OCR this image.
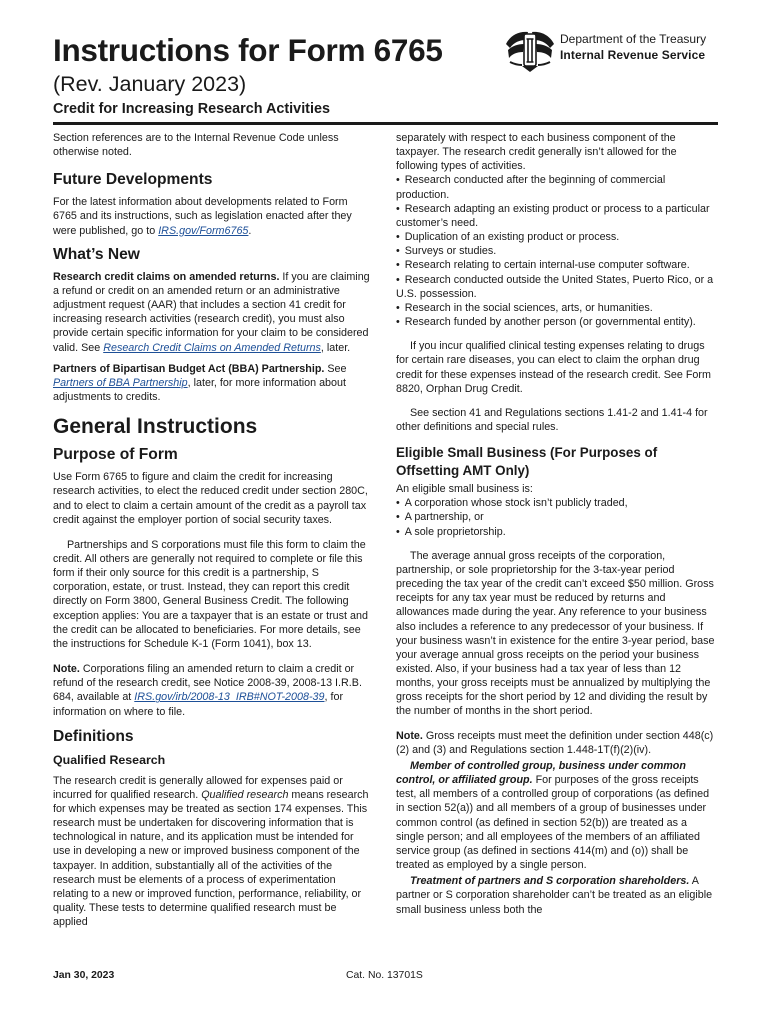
Instructions for Form 6765
(Rev. January 2023)
Credit for Increasing Research Activities
Department of the Treasury
Internal Revenue Service

Section references are to the Internal Revenue Code unless otherwise noted.

Future Developments

For the latest information about developments related to Form 6765 and its instructions, such as legislation enacted after they were published, go to IRS.gov/Form6765.

What’s New

Research credit claims on amended returns. If you are claiming a refund or credit on an amended return or an administrative adjustment request (AAR) that includes a section 41 credit for increasing research activities (research credit), you must also provide certain specific information for your claim to be considered valid. See Research Credit Claims on Amended Returns, later.

Partners of Bipartisan Budget Act (BBA) Partnership. See Partners of BBA Partnership, later, for more information about adjustments to credits.

General Instructions
Purpose of Form

Use Form 6765 to figure and claim the credit for increasing research activities, to elect the reduced credit under section 280C, and to elect to claim a certain amount of the credit as a payroll tax credit against the employer portion of social security taxes.

Partnerships and S corporations must file this form to claim the credit. All others are generally not required to complete or file this form if their only source for this credit is a partnership, S corporation, estate, or trust. Instead, they can report this credit directly on Form 3800, General Business Credit. The following exception applies: You are a taxpayer that is an estate or trust and the credit can be allocated to beneficiaries. For more details, see the instructions for Schedule K-1 (Form 1041), box 13.

Note. Corporations filing an amended return to claim a credit or refund of the research credit, see Notice 2008-39, 2008-13 I.R.B. 684, available at IRS.gov/irb/2008-13_IRB#NOT-2008-39, for information on where to file.

Definitions
Qualified Research

The research credit is generally allowed for expenses paid or incurred for qualified research. Qualified research means research for which expenses may be treated as section 174 expenses. This research must be undertaken for discovering information that is technological in nature, and its application must be intended for use in developing a new or improved business component of the taxpayer. In addition, substantially all of the activities of the research must be elements of a process of experimentation relating to a new or improved function, performance, reliability, or quality. These tests to determine qualified research must be applied

separately with respect to each business component of the taxpayer. The research credit generally isn’t allowed for the following types of activities.

• Research conducted after the beginning of commercial production.
• Research adapting an existing product or process to a particular customer’s need.
• Duplication of an existing product or process.
• Surveys or studies.
• Research relating to certain internal-use computer software.
• Research conducted outside the United States, Puerto Rico, or a U.S. possession.
• Research in the social sciences, arts, or humanities.
• Research funded by another person (or governmental entity).

If you incur qualified clinical testing expenses relating to drugs for certain rare diseases, you can elect to claim the orphan drug credit for these expenses instead of the research credit. See Form 8820, Orphan Drug Credit.

See section 41 and Regulations sections 1.41-2 and 1.41-4 for other definitions and special rules.

Eligible Small Business (For Purposes of Offsetting AMT Only)

An eligible small business is:

• A corporation whose stock isn’t publicly traded,
• A partnership, or
• A sole proprietorship.

The average annual gross receipts of the corporation, partnership, or sole proprietorship for the 3-tax-year period preceding the tax year of the credit can’t exceed $50 million. Gross receipts for any tax year must be reduced by returns and allowances made during the year. Any reference to your business also includes a reference to any predecessor of your business. If your business wasn’t in existence for the entire 3-year period, base your average annual gross receipts on the period your business existed. Also, if your business had a tax year of less than 12 months, your gross receipts must be annualized by multiplying the gross receipts for the short period by 12 and dividing the result by the number of months in the short period.

Note. Gross receipts must meet the definition under section 448(c)(2) and (3) and Regulations section 1.448-1T(f)(2)(iv).

Member of controlled group, business under common control, or affiliated group. For purposes of the gross receipts test, all members of a controlled group of corporations (as defined in section 52(a)) and all members of a group of businesses under common control (as defined in section 52(b)) are treated as a single person; and all employees of the members of an affiliated service group (as defined in sections 414(m) and (o)) shall be treated as employed by a single person.

Treatment of partners and S corporation shareholders. A partner or S corporation shareholder can’t be treated as an eligible small business unless both the

Jan 30, 2023	Cat. No. 13701S
